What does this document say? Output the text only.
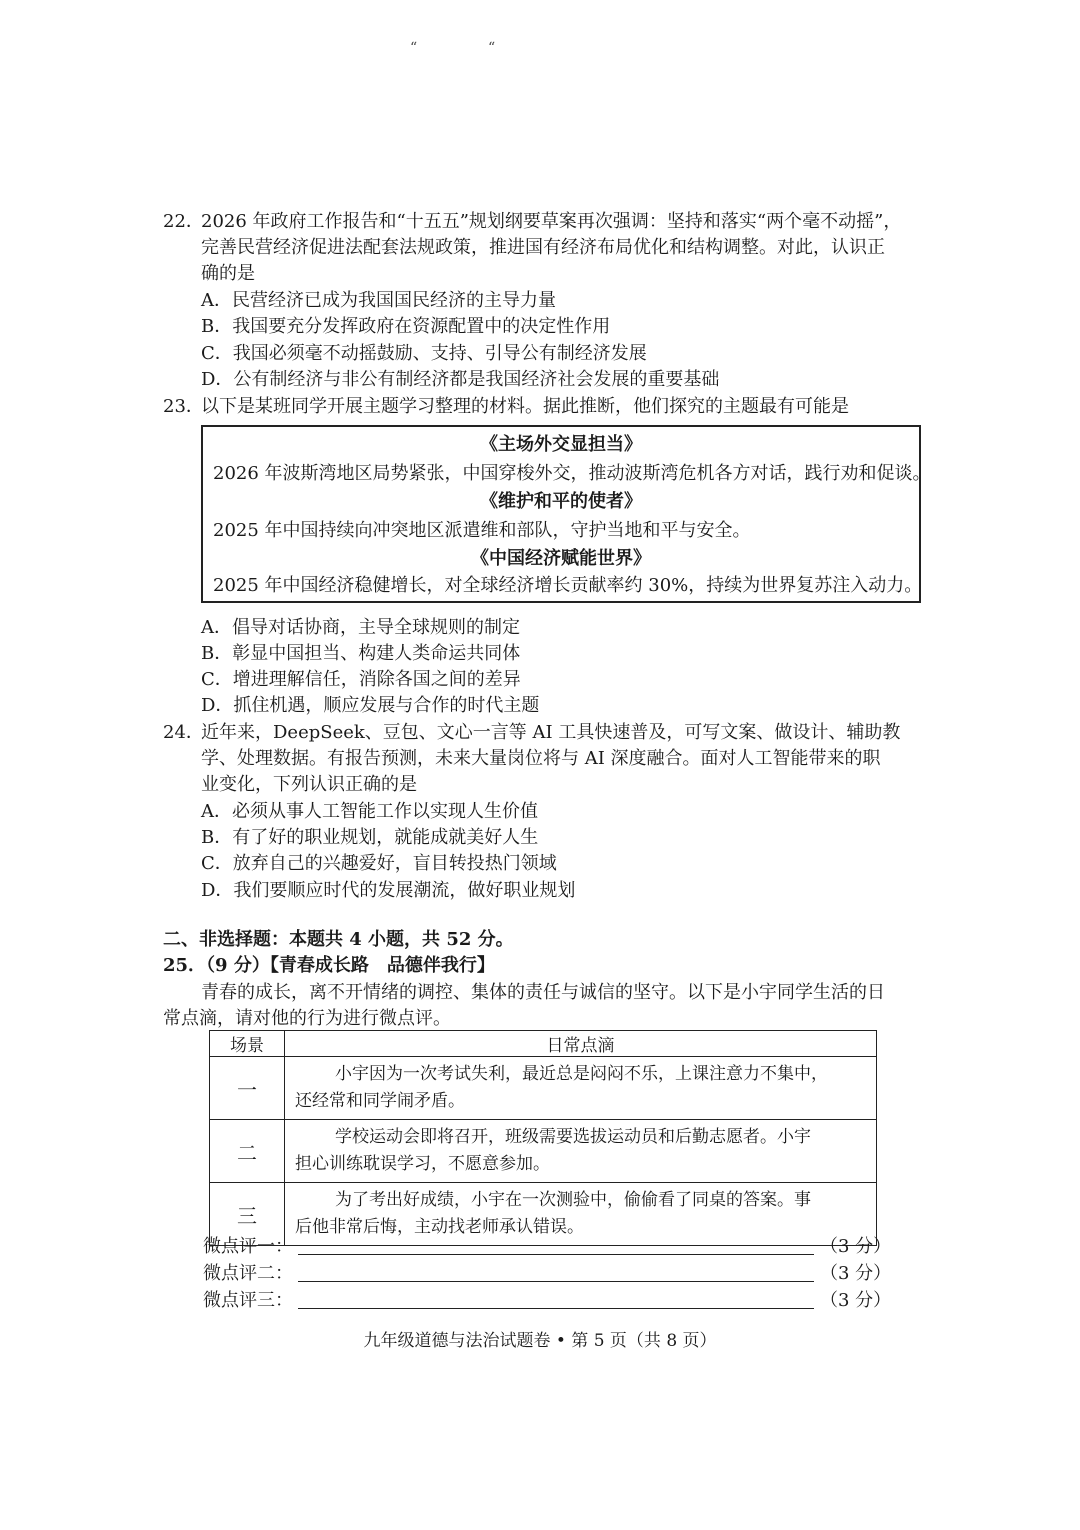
“	“
22．
2026 年政府工作报告和“十五五”规划纲要草案再次强调：坚持和落实“两个毫不动摇”，
完善民营经济促进法配套法规政策，推进国有经济布局优化和结构调整。对此，认识正
确的是
A．民营经济已成为我国国民经济的主导力量
B．我国要充分发挥政府在资源配置中的决定性作用
C．我国必须毫不动摇鼓励、支持、引导公有制经济发展
D．公有制经济与非公有制经济都是我国经济社会发展的重要基础
23．
以下是某班同学开展主题学习整理的材料。据此推断，他们探究的主题最有可能是
《主场外交显担当》
2026 年波斯湾地区局势紧张，中国穿梭外交，推动波斯湾危机各方对话，践行劝和促谈。
《维护和平的使者》
2025 年中国持续向冲突地区派遣维和部队，守护当地和平与安全。
《中国经济赋能世界》
2025 年中国经济稳健增长，对全球经济增长贡献率约 30%，持续为世界复苏注入动力。
A．倡导对话协商，主导全球规则的制定
B．彰显中国担当、构建人类命运共同体
C．增进理解信任，消除各国之间的差异
D．抓住机遇，顺应发展与合作的时代主题
24．
近年来，DeepSeek、豆包、文心一言等 AI 工具快速普及，可写文案、做设计、辅助教
学、处理数据。有报告预测，未来大量岗位将与 AI 深度融合。面对人工智能带来的职
业变化，下列认识正确的是
A．必须从事人工智能工作以实现人生价值
B．有了好的职业规划，就能成就美好人生
C．放弃自己的兴趣爱好，盲目转投热门领域
D．我们要顺应时代的发展潮流，做好职业规划
二、非选择题：本题共 4 小题，共 52 分。
25．（9 分）【青春成长路　品德伴我行】
青春的成长，离不开情绪的调控、集体的责任与诚信的坚守。以下是小宇同学生活的日
常点滴，请对他的行为进行微点评。
场景	日常点滴
一	小宇因为一次考试失利，最近总是闷闷不乐，上课注意力不集中，
还经常和同学闹矛盾。
二	学校运动会即将召开，班级需要选拔运动员和后勤志愿者。小宇
担心训练耽误学习，不愿意参加。
三	为了考出好成绩，小宇在一次测验中，偷偷看了同桌的答案。事
后他非常后悔，主动找老师承认错误。
微点评一：	（3 分）
微点评二：	（3 分）
微点评三：	（3 分）
九年级道德与法治试题卷 • 第 5 页（共 8 页）
